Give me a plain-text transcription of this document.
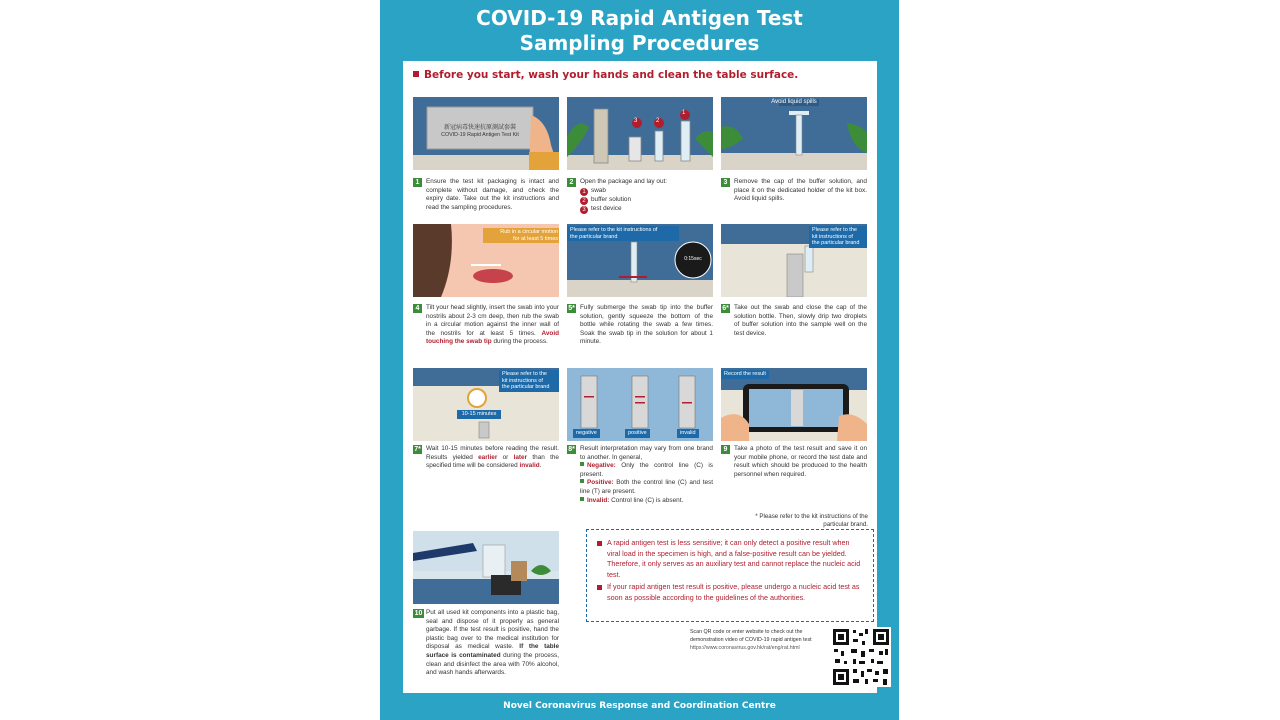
COVID-19 Rapid Antigen Test
Sampling Procedures
Before you start, wash your hands and clean the table surface.
新冠病毒快速抗原測試套裝
COVID-19 Rapid Antigen Test Kit
1	Ensure the test kit packaging is intact and complete without damage, and check the expiry date. Take out the kit instructions and read the sampling procedures.
3	2
1
2	Open the package and lay out:
1 swab
2 buffer solution
3 test device
Avoid liquid spills
3	Remove the cap of the buffer solution, and place it on the dedicated holder of the kit box. Avoid liquid spills.
Rub in a circular motion
for at least 5 times
4	Tilt your head slightly, insert the swab into your nostrils about 2-3 cm deep, then rub the swab in a circular motion against the inner wall of the nostrils for at least 5 times. Avoid touching the swab tip during the process.
Please refer to the kit instructions of
the particular brand
0:15sec
5* Fully submerge the swab tip into the buffer solution, gently squeeze the bottom of the bottle while rotating the swab a few times. Soak the swab tip in the solution for about 1 minute.
Please refer to the
kit instructions of
the particular brand
6* Take out the swab and close the cap of the solution bottle. Then, slowly drip two droplets of buffer solution into the sample well on the test device.
Please refer to the
kit instructions of
the particular brand
10-15 minutes
7* Wait 10-15 minutes before reading the result. Results yielded earlier or later than the specified time will be considered invalid.
negative	positive	invalid
8* Result interpretation may vary from one brand to another. In general,
Negative: Only the control line (C) is present.
Positive: Both the control line (C) and test line (T) are present.
Invalid: Control line (C) is absent.
Record the result
9	Take a photo of the test result and save it on your mobile phone, or record the test date and result which should be produced to the health personnel when required.
* Please refer to the kit instructions of the particular brand.
10 Put all used kit components into a plastic bag, seal and dispose of it properly as general garbage. If the test result is positive, hand the plastic bag over to the medical institution for disposal as medical waste. If the table surface is contaminated during the process, clean and disinfect the area with 70% alcohol, and wash hands afterwards.
A rapid antigen test is less sensitive; it can only detect a positive result when viral load in the specimen is high, and a false-positive result can be yielded. Therefore, it only serves as an auxiliary test and cannot replace the nucleic acid test.
If your rapid antigen test result is positive, please undergo a nucleic acid test as soon as possible according to the guidelines of the authorities.
Scan QR code or enter website to check out the demonstration video of COVID-19 rapid antigen test
https://www.coronavirus.gov.hk/rat/eng/rat.html
Novel Coronavirus Response and Coordination Centre
